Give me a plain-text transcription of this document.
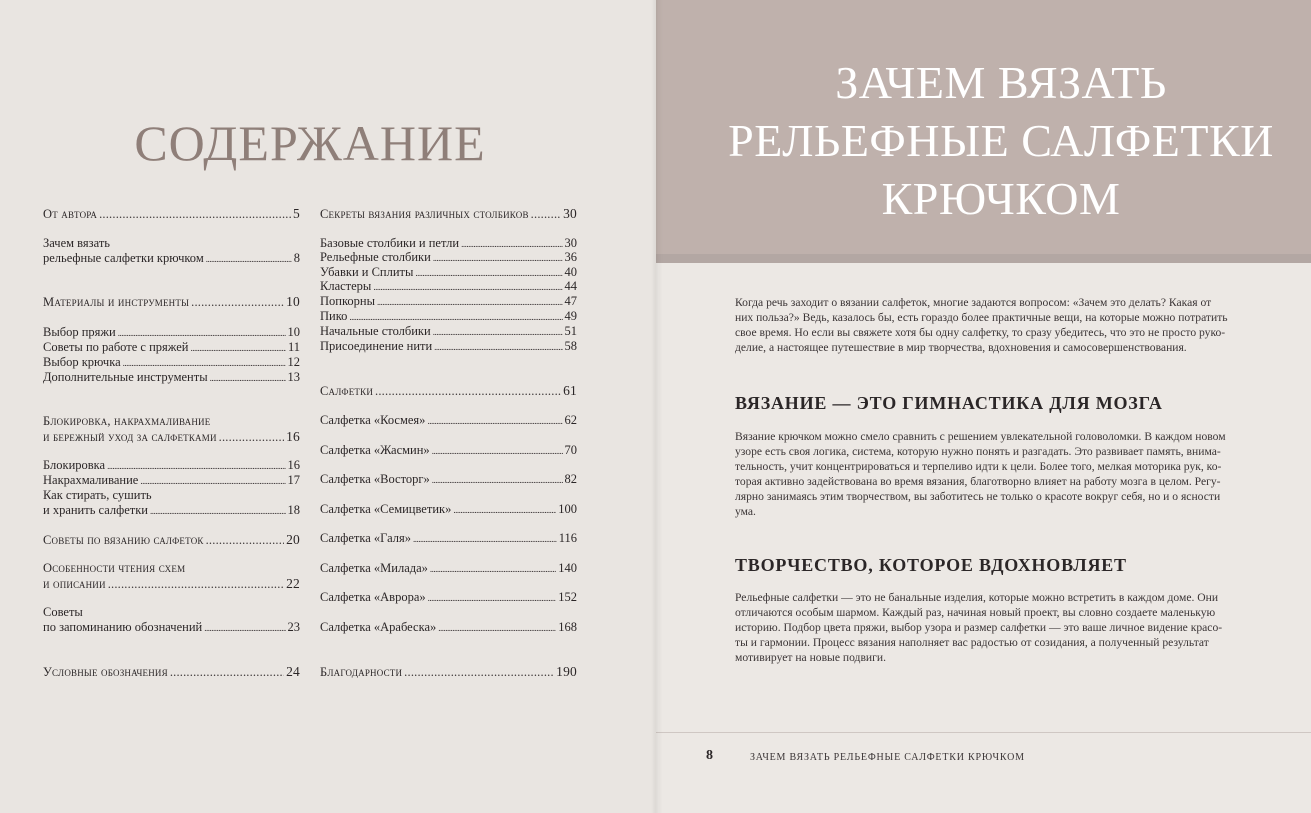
СОДЕРЖАНИЕ
От автора .....	5
Зачем вязать
рельефные салфетки крючком .....	8
Материалы и инструменты .....	10
Выбор пряжи .....	10
Советы по работе с пряжей .....	11
Выбор крючка .....	12
Дополнительные инструменты .....	13
Блокировка, накрахмаливание
и бережный уход за салфетками .....	16
Блокировка .....	16
Накрахмаливание .....	17
Как стирать, сушить
и хранить салфетки .....	18
Советы по вязанию салфеток .....	20
Особенности чтения схем
и описании .....	22
Советы
по запоминанию обозначений .....	23
Условные обозначения .....	24
Секреты вязания различных столбиков .....	30
Базовые столбики и петли .....	30
Рельефные столбики .....	36
Убавки и Сплиты .....	40
Кластеры .....	44
Попкорны .....	47
Пико .....	49
Начальные столбики .....	51
Присоединение нити .....	58
Салфетки .....	61
Салфетка «Космея» .....	62
Салфетка «Жасмин» .....	70
Салфетка «Восторг» .....	82
Салфетка «Семицветик» .....	100
Салфетка «Галя» .....	116
Салфетка «Милада» .....	140
Салфетка «Аврора» .....	152
Салфетка «Арабеска» .....	168
Благодарности .....	190
ЗАЧЕМ ВЯЗАТЬ
РЕЛЬЕФНЫЕ САЛФЕТКИ
КРЮЧКОМ
Когда речь заходит о вязании салфеток, многие задаются вопросом: «Зачем это делать? Какая от
них польза?» Ведь, казалось бы, есть гораздо более практичные вещи, на которые можно потратить
свое время. Но если вы свяжете хотя бы одну салфетку, то сразу убедитесь, что это не просто руко-
делие, а настоящее путешествие в мир творчества, вдохновения и самосовершенствования.
ВЯЗАНИЕ — ЭТО ГИМНАСТИКА ДЛЯ МОЗГА
Вязание крючком можно смело сравнить с решением увлекательной головоломки. В каждом новом
узоре есть своя логика, система, которую нужно понять и разгадать. Это развивает память, внима-
тельность, учит концентрироваться и терпеливо идти к цели. Более того, мелкая моторика рук, ко-
торая активно задействована во время вязания, благотворно влияет на работу мозга в целом. Регу-
лярно занимаясь этим творчеством, вы заботитесь не только о красоте вокруг себя, но и о ясности
ума.
ТВОРЧЕСТВО, КОТОРОЕ ВДОХНОВЛЯЕТ
Рельефные салфетки — это не банальные изделия, которые можно встретить в каждом доме. Они
отличаются особым шармом. Каждый раз, начиная новый проект, вы словно создаете маленькую
историю. Подбор цвета пряжи, выбор узора и размер салфетки — это ваше личное видение красо-
ты и гармонии. Процесс вязания наполняет вас радостью от созидания, а полученный результат
мотивирует на новые подвиги.
8	ЗАЧЕМ ВЯЗАТЬ РЕЛЬЕФНЫЕ САЛФЕТКИ КРЮЧКОМ
